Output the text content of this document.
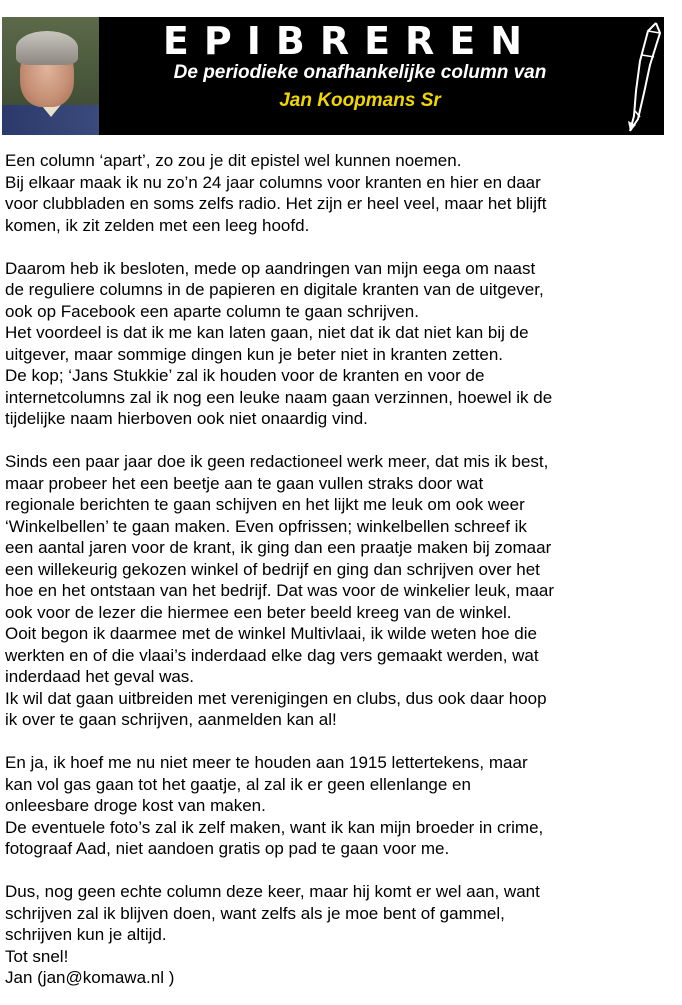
EPIBREREN
De periodieke onafhankelijke column van
Jan Koopmans Sr
Een column ‘apart’, zo zou je dit epistel wel kunnen noemen.
Bij elkaar maak ik nu zo’n 24 jaar columns voor kranten en hier en daar
voor clubbladen en soms zelfs radio. Het zijn er heel veel, maar het blijft
komen, ik zit zelden met een leeg hoofd.
Daarom heb ik besloten, mede op aandringen van mijn eega om naast
de reguliere columns in de papieren en digitale kranten van de uitgever,
ook op Facebook een aparte column te gaan schrijven.
Het voordeel is dat ik me kan laten gaan, niet dat ik dat niet kan bij de
uitgever, maar sommige dingen kun je beter niet in kranten zetten.
De kop; ‘Jans Stukkie’ zal ik houden voor de kranten en voor de
internetcolumns zal ik nog een leuke naam gaan verzinnen, hoewel ik de
tijdelijke naam hierboven ook niet onaardig vind.
Sinds een paar jaar doe ik geen redactioneel werk meer, dat mis ik best,
maar probeer het een beetje aan te gaan vullen straks door wat
regionale berichten te gaan schijven en het lijkt me leuk om ook weer
‘Winkelbellen’ te gaan maken. Even opfrissen; winkelbellen schreef ik
een aantal jaren voor de krant, ik ging dan een praatje maken bij zomaar
een willekeurig gekozen winkel of bedrijf en ging dan schrijven over het
hoe en het ontstaan van het bedrijf. Dat was voor de winkelier leuk, maar
ook voor de lezer die hiermee een beter beeld kreeg van de winkel.
Ooit begon ik daarmee met de winkel Multivlaai, ik wilde weten hoe die
werkten en of die vlaai’s inderdaad elke dag vers gemaakt werden, wat
inderdaad het geval was.
Ik wil dat gaan uitbreiden met verenigingen en clubs, dus ook daar hoop
ik over te gaan schrijven, aanmelden kan al!
En ja, ik hoef me nu niet meer te houden aan 1915 lettertekens, maar
kan vol gas gaan tot het gaatje, al zal ik er geen ellenlange en
onleesbare droge kost van maken.
De eventuele foto’s zal ik zelf maken, want ik kan mijn broeder in crime,
fotograaf Aad, niet aandoen gratis op pad te gaan voor me.
Dus, nog geen echte column deze keer, maar hij komt er wel aan, want
schrijven zal ik blijven doen, want zelfs als je moe bent of gammel,
schrijven kun je altijd.
Tot snel!
Jan (jan@komawa.nl )
